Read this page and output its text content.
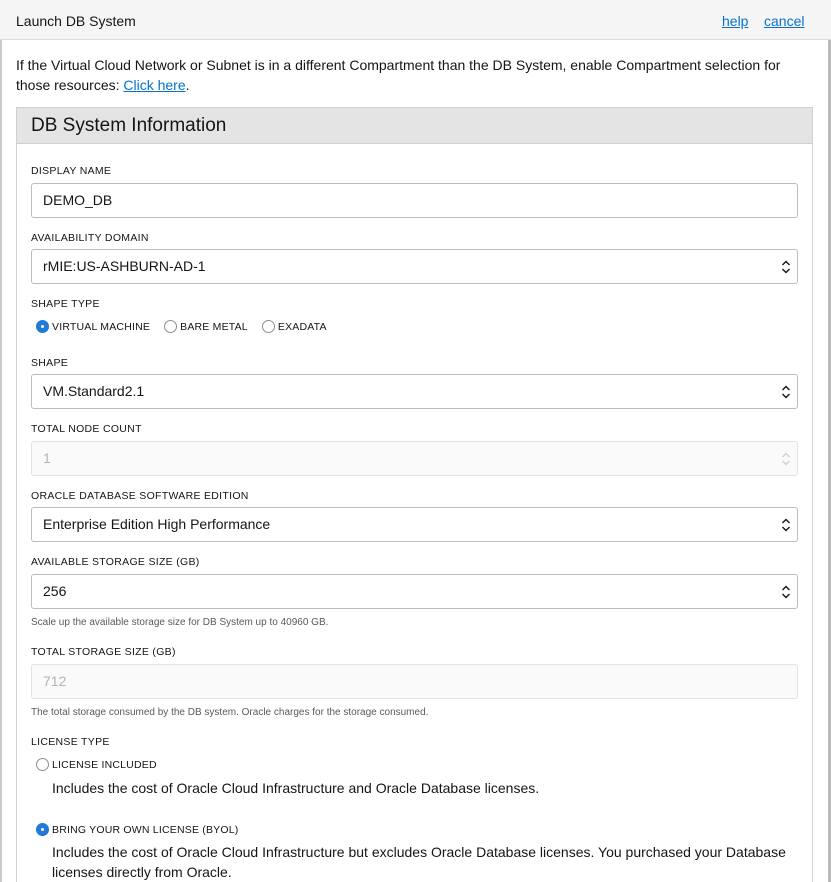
Launch DB System	help cancel
If the Virtual Cloud Network or Subnet is in a different Compartment than the DB System, enable Compartment selection for those resources: Click here.
DB System Information
DISPLAY NAME
DEMO_DB
AVAILABILITY DOMAIN
rMIE:US-ASHBURN-AD-1
SHAPE TYPE
VIRTUAL MACHINE	BARE METAL	EXADATA
SHAPE
VM.Standard2.1
TOTAL NODE COUNT
1
ORACLE DATABASE SOFTWARE EDITION
Enterprise Edition High Performance
AVAILABLE STORAGE SIZE (GB)
256
Scale up the available storage size for DB System up to 40960 GB.
TOTAL STORAGE SIZE (GB)
712
The total storage consumed by the DB system. Oracle charges for the storage consumed.
LICENSE TYPE
LICENSE INCLUDED
Includes the cost of Oracle Cloud Infrastructure and Oracle Database licenses.
BRING YOUR OWN LICENSE (BYOL)
Includes the cost of Oracle Cloud Infrastructure but excludes Oracle Database licenses. You purchased your Database licenses directly from Oracle.
